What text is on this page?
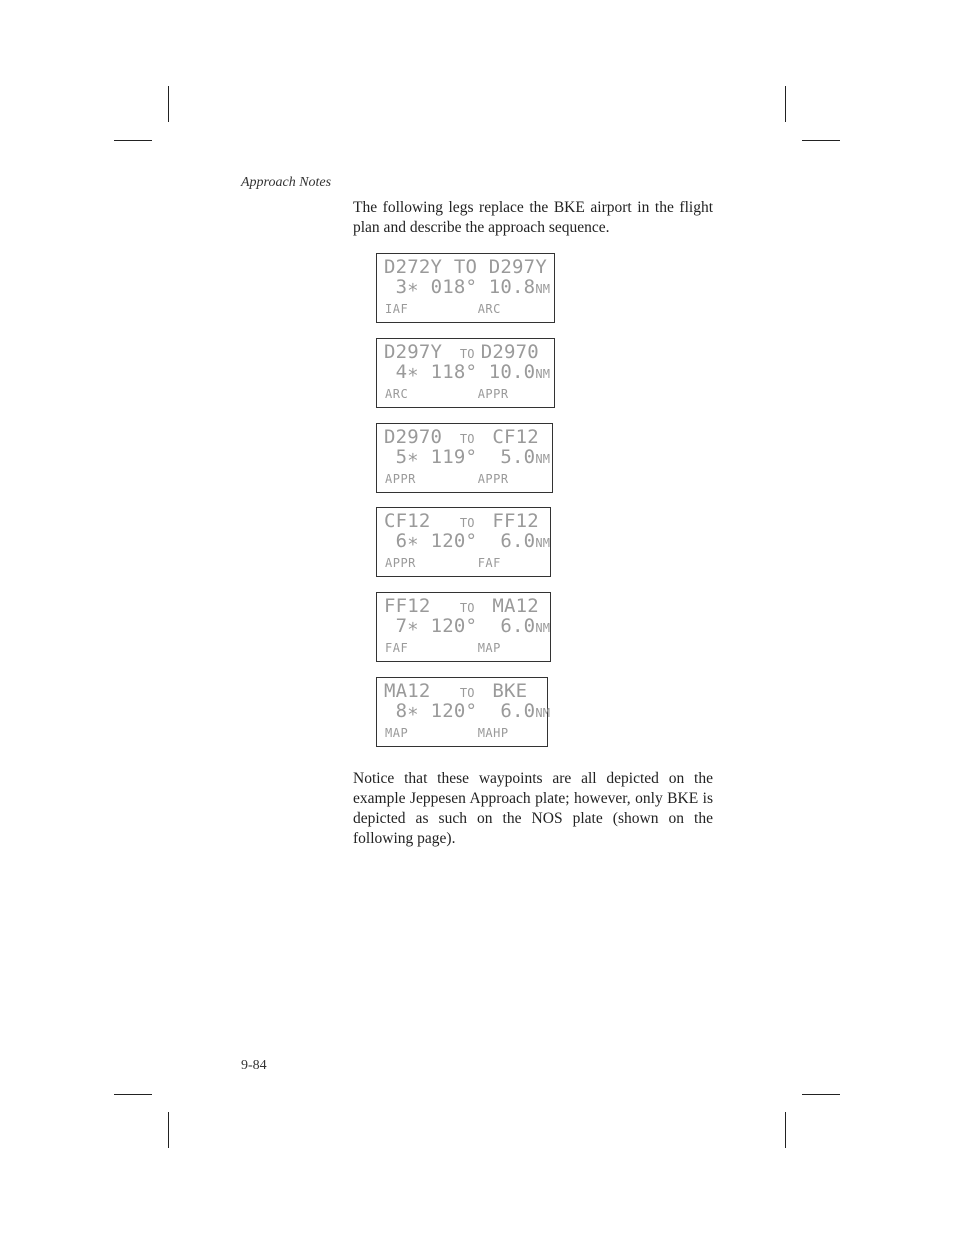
Approach Notes

The following legs replace the BKE airport in the flight plan and describe the approach sequence.

D272Y TO D297Y
3∗ 018° 10.8NM
IAF         ARC
D297Y TO D2970
4∗ 118° 10.0NM
ARC         APPR
D2970 TO CF12
5∗ 119°  5.0NM
APPR        APPR
CF12  TO FF12
6∗ 120°  6.0NM
APPR        FAF
FF12  TO MA12
7∗ 120°  6.0NM
FAF         MAP
MA12  TO BKE
8∗ 120°  6.0NM
MAP         MAHP

Notice that these waypoints are all depicted on the example Jeppesen Approach plate; however, only BKE is depicted as such on the NOS plate (shown on the following page).

9-84
